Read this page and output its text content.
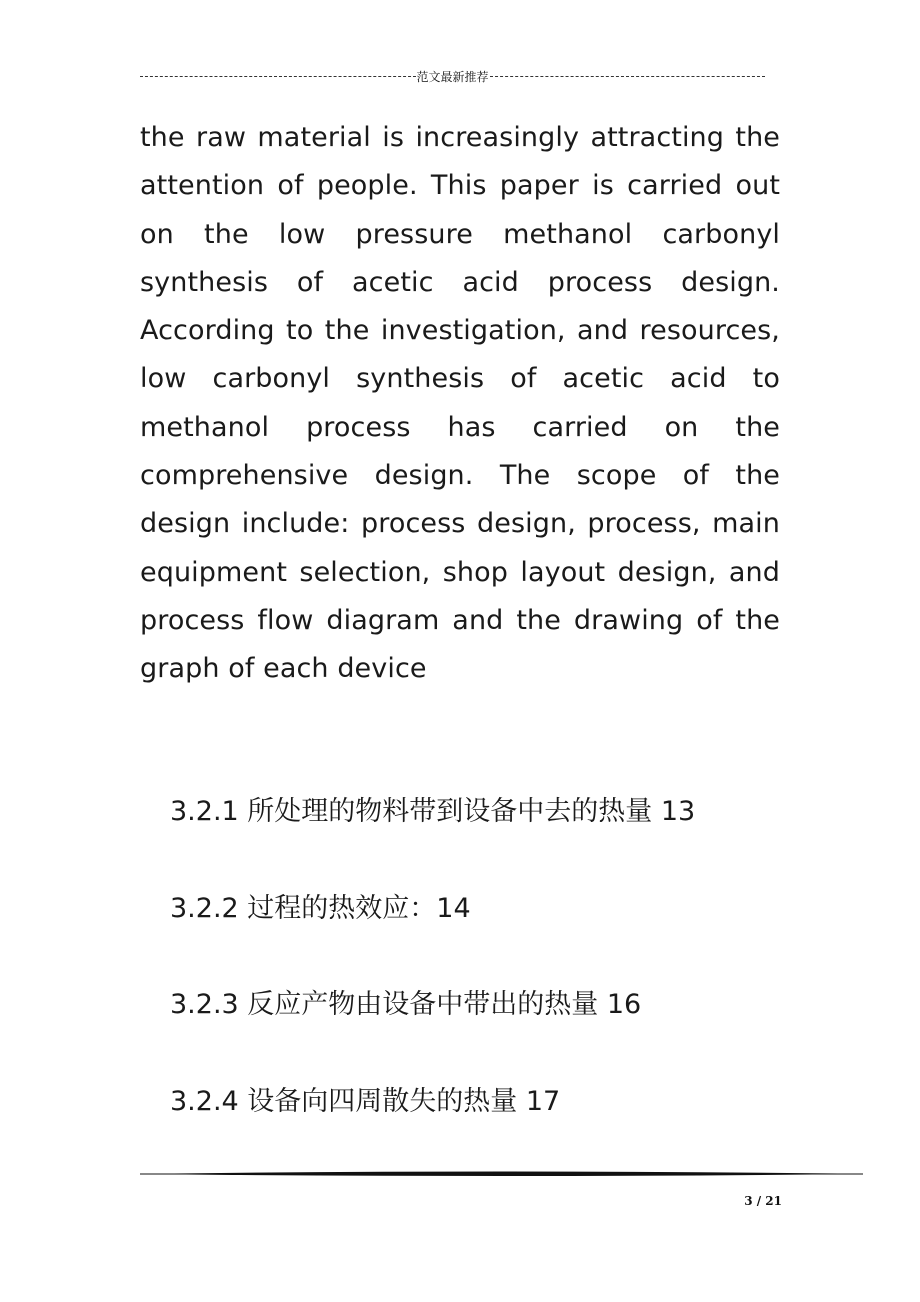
范文最新推荐
the raw material is increasingly attracting the attention of people. This paper is carried out on the low pressure methanol carbonyl synthesis of acetic acid process design. According to the investigation, and resources, low carbonyl synthesis of acetic acid to methanol process has carried on the comprehensive design. The scope of the design include: process design, process, main equipment selection, shop layout design, and process flow diagram and the drawing of the graph of each device
3.2.1 所处理的物料带到设备中去的热量 13
3.2.2 过程的热效应：14
3.2.3 反应产物由设备中带出的热量 16
3.2.4 设备向四周散失的热量 17
3 / 21
